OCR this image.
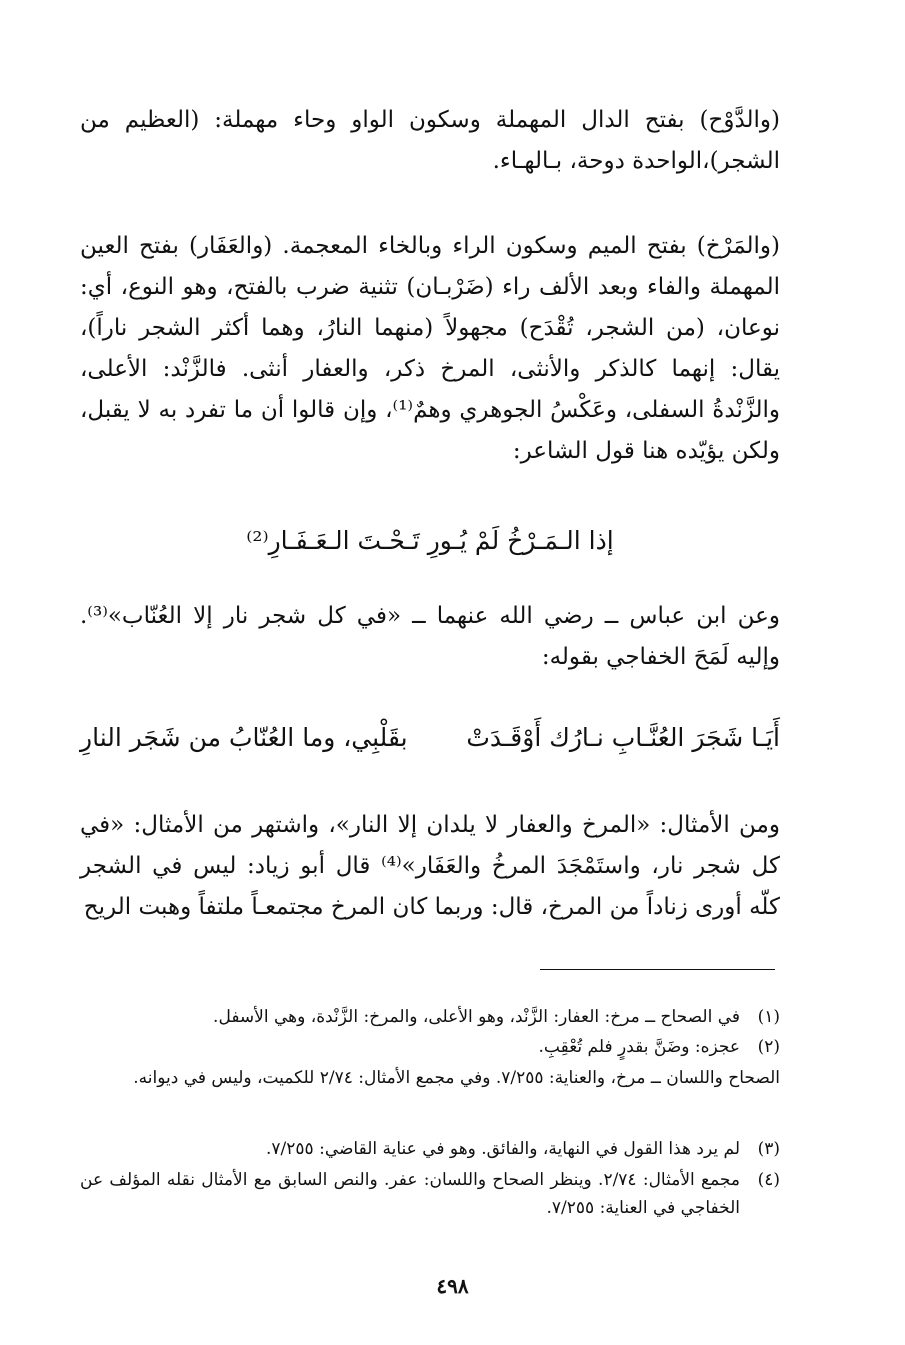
(والدَّوْح) بفتح الدال المهملة وسكون الواو وحاء مهملة: (العظيم من الشجر)،الواحدة دوحة، بـالهـاء.

(والمَرْخ) بفتح الميم وسكون الراء وبالخاء المعجمة. (والعَفَار) بفتح العين المهملة والفاء وبعد الألف راء (ضَرْبـان) تثنية ضرب بالفتح، وهو النوع، أي: نوعان، (من الشجر، تُقْدَح) مجهولاً (منهما النارُ، وهما أكثر الشجر ناراً)، يقال: إنهما كالذكر والأنثى، المرخ ذكر، والعفار أنثى. فالزَّنْد: الأعلى، والزَّنْدةُ السفلى، وعَكْسُ الجوهري وهمٌ⁽¹⁾، وإن قالوا أن ما تفرد به لا يقبل، ولكن يؤيّده هنا قول الشاعر:

إذا الـمَـرْخُ لَمْ يُـورِ تَـحْـتَ الـعَـفَـارِ⁽²⁾

وعن ابن عباس ــ رضي الله عنهما ــ «في كل شجر نار إلا العُنّاب»⁽³⁾. وإليه لَمَحَ الخفاجي بقوله:

أَيَـا شَجَرَ العُنَّـابِ نـارُك أَوْقَـدَتْ
بقَلْبِي، وما العُنّابُ من شَجَر النارِ

ومن الأمثال: «المرخ والعفار لا يلدان إلا النار»، واشتهر من الأمثال: «في كل شجر نار، واستَمْجَدَ المرخُ والعَفَار»⁽⁴⁾ قال أبو زياد: ليس في الشجر كلّه أورى زناداً من المرخ، قال: وربما كان المرخ مجتمعـاً ملتفاً وهبت الريح

(١)
في الصحاح ــ مرخ: العفار: الزَّنْد، وهو الأعلى، والمرخ: الزَّنْدة، وهي الأسفل.
(٢)
عجزه: وضَنَّ بقدرٍ فلم تُعْقِبِ.
الصحاح واللسان ــ مرخ، والعناية: ٧/٢٥٥. وفي مجمع الأمثال: ٢/٧٤ للكميت، وليس في ديوانه.
(٣)
لم يرد هذا القول في النهاية، والفائق. وهو في عناية القاضي: ٧/٢٥٥.
(٤)
مجمع الأمثال: ٢/٧٤. وينظر الصحاح واللسان: عفر. والنص السابق مع الأمثال نقله المؤلف عن الخفاجي في العناية: ٧/٢٥٥.
٤٩٨
